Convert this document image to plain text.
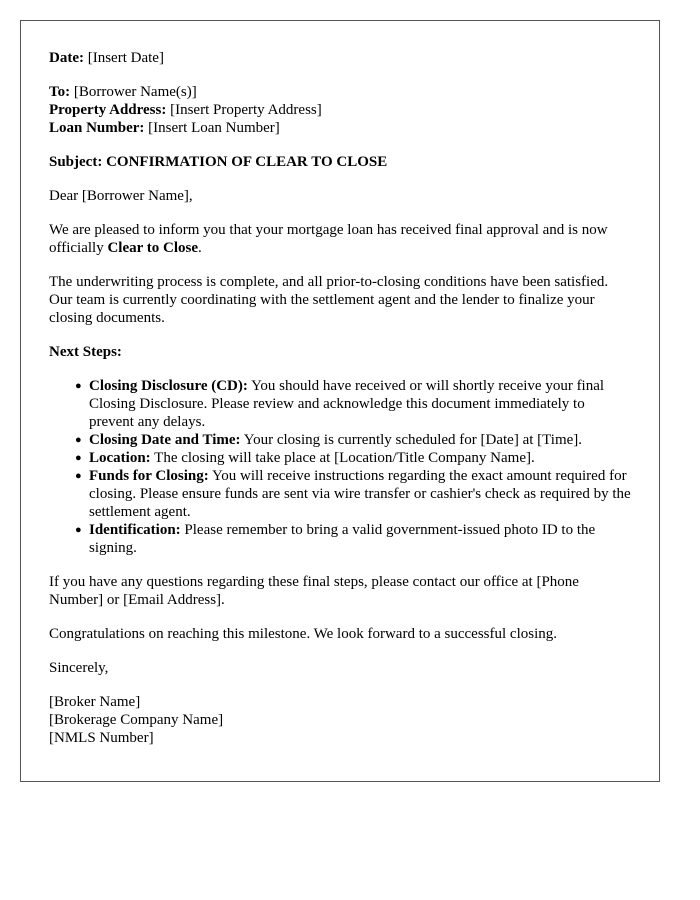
Date: [Insert Date]
To: [Borrower Name(s)]
Property Address: [Insert Property Address]
Loan Number: [Insert Loan Number]
Subject: CONFIRMATION OF CLEAR TO CLOSE
Dear [Borrower Name],
We are pleased to inform you that your mortgage loan has received final approval and is now officially Clear to Close.
The underwriting process is complete, and all prior-to-closing conditions have been satisfied. Our team is currently coordinating with the settlement agent and the lender to finalize your closing documents.
Next Steps:
● Closing Disclosure (CD): You should have received or will shortly receive your final Closing Disclosure. Please review and acknowledge this document immediately to prevent any delays.
● Closing Date and Time: Your closing is currently scheduled for [Date] at [Time].
● Location: The closing will take place at [Location/Title Company Name].
● Funds for Closing: You will receive instructions regarding the exact amount required for closing. Please ensure funds are sent via wire transfer or cashier's check as required by the settlement agent.
● Identification: Please remember to bring a valid government-issued photo ID to the signing.
If you have any questions regarding these final steps, please contact our office at [Phone Number] or [Email Address].
Congratulations on reaching this milestone. We look forward to a successful closing.
Sincerely,
[Broker Name]
[Brokerage Company Name]
[NMLS Number]
